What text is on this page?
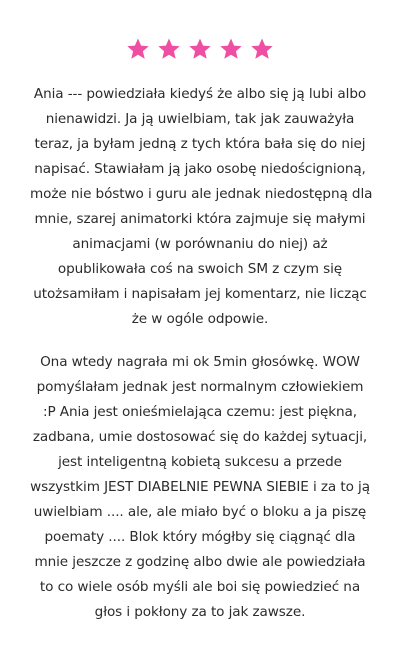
Ania --- powiedziała kiedyś że albo się ją lubi albo
nienawidzi. Ja ją uwielbiam, tak jak zauważyła
teraz, ja byłam jedną z tych która bała się do niej
napisać. Stawiałam ją jako osobę niedoścignioną,
może nie bóstwo i guru ale jednak niedostępną dla
mnie, szarej animatorki która zajmuje się małymi
animacjami (w porównaniu do niej) aż
opublikowała coś na swoich SM z czym się
utożsamiłam i napisałam jej komentarz, nie licząc
że w ogóle odpowie.
Ona wtedy nagrała mi ok 5min głosówkę. WOW
pomyślałam jednak jest normalnym człowiekiem
:P Ania jest onieśmielająca czemu: jest piękna,
zadbana, umie dostosować się do każdej sytuacji,
jest inteligentną kobietą sukcesu a przede
wszystkim JEST DIABELNIE PEWNA SIEBIE i za to ją
uwielbiam .... ale, ale miało być o bloku a ja piszę
poematy .... Blok który mógłby się ciągnąć dla
mnie jeszcze z godzinę albo dwie ale powiedziała
to co wiele osób myśli ale boi się powiedzieć na
głos i pokłony za to jak zawsze.
